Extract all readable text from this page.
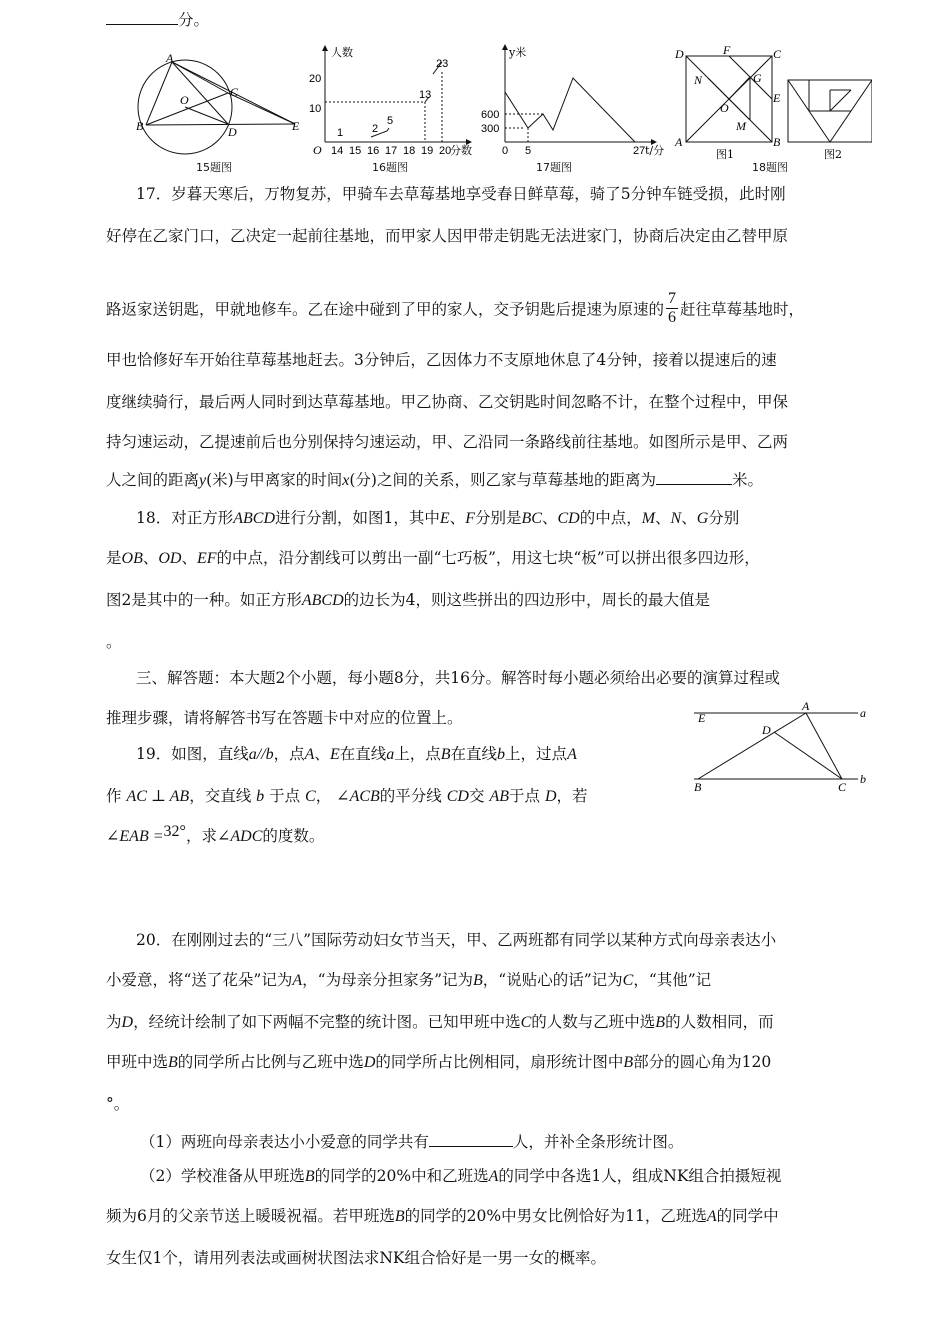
分。
A
B
C
D	E
O
15题图
人数
分数
O
20
10
14 15 16 17 18 19 20
1	2
5
13
23
16题图
y米
t/分
600
300
0 5	27
17题图
D	F	C
N	G
E
O
M
A	B
图1	图2
18题图
17．岁暮天寒后，万物复苏，甲骑车去草莓基地享受春日鲜草莓，骑了5分钟车链受损，此时刚
好停在乙家门口，乙决定一起前往基地，而甲家人因甲带走钥匙无法进家门，协商后决定由乙替甲原
路返家送钥匙，甲就地修车。乙在途中碰到了甲的家人，交予钥匙后提速为原速的 $\frac{7}{6}$ 赶往草莓基地时，
甲也恰修好车开始往草莓基地赶去。3分钟后，乙因体力不支原地休息了4分钟，接着以提速后的速
度继续骑行，最后两人同时到达草莓基地。甲乙协商、乙交钥匙时间忽略不计，在整个过程中，甲保
持匀速运动，乙提速前后也分别保持匀速运动，甲、乙沿同一条路线前往基地。如图所示是甲、乙两
人之间的距离y(米)与甲离家的时间x(分)之间的关系，则乙家与草莓基地的距离为	米。
18．对正方形ABCD进行分割，如图1，其中E、F分别是BC、CD的中点，M、N、G分别
是OB、OD、EF的中点，沿分割线可以剪出一副“七巧板”，用这七块“板”可以拼出很多四边形，
图2是其中的一种。如正方形ABCD的边长为4，则这些拼出的四边形中，周长的最大值是
。
三、解答题：本大题2个小题，每小题8分，共16分。解答时每小题必须给出必要的演算过程或
推理步骤，请将解答书写在答题卡中对应的位置上。	E
A	a
D
B	C
b
19．如图，直线a//b，点A、E在直线a上，点B在直线b上，过点A
作 AC ⊥ AB，交直线 b 于点 C， ∠ACB的平分线 CD交 AB于点 D，若
∠EAB =32°，求∠ADC的度数。
20．在刚刚过去的“三八”国际劳动妇女节当天，甲、乙两班都有同学以某种方式向母亲表达小
小爱意，将“送了花朵”记为A，“为母亲分担家务”记为B，“说贴心的话”记为C，“其他”记
为D，经统计绘制了如下两幅不完整的统计图。已知甲班中选C的人数与乙班中选B的人数相同，而
甲班中选B的同学所占比例与乙班中选D的同学所占比例相同，扇形统计图中B部分的圆心角为120
°。
（1）两班向母亲表达小小爱意的同学共有	人，并补全条形统计图。
（2）学校准备从甲班选B的同学的20%中和乙班选A的同学中各选1人，组成NK组合拍摄短视
频为6月的父亲节送上暖暖祝福。若甲班选B的同学的20%中男女比例恰好为11，乙班选A的同学中
女生仅1个，请用列表法或画树状图法求NK组合恰好是一男一女的概率。
